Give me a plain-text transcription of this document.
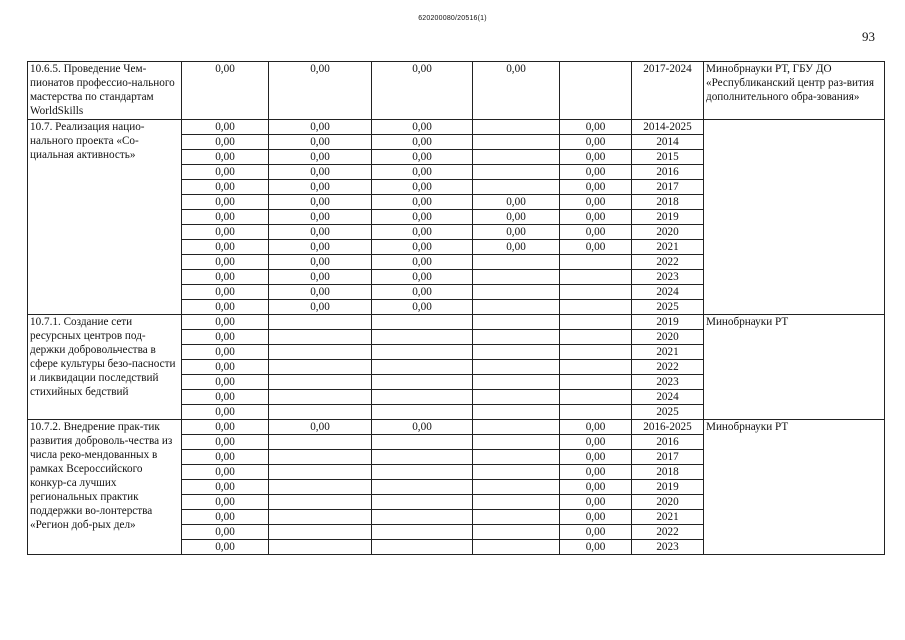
620200080/20516(1)
93
10.6.5. Проведение Чем-пионатов профессио-нального мастерства по стандартам WorldSkills	0,00	0,00	0,00	0,00		2017-2024	Минобрнауки РТ, ГБУ ДО «Республиканский центр раз-вития дополнительного обра-зования»
10.7. Реализация нацио-нального проекта «Со-циальная активность»	0,00	0,00	0,00		0,00	2014-2025	
	0,00	0,00	0,00		0,00	2014	
	0,00	0,00	0,00		0,00	2015	
	0,00	0,00	0,00		0,00	2016	
	0,00	0,00	0,00		0,00	2017	
	0,00	0,00	0,00	0,00	0,00	2018	
	0,00	0,00	0,00	0,00	0,00	2019	
	0,00	0,00	0,00	0,00	0,00	2020	
	0,00	0,00	0,00	0,00	0,00	2021	
	0,00	0,00	0,00			2022	
	0,00	0,00	0,00			2023	
	0,00	0,00	0,00			2024	
	0,00	0,00	0,00			2025	
10.7.1. Создание сети ресурсных центров под-держки добровольчества в сфере культуры безо-пасности и ликвидации последствий стихийных бедствий	0,00					2019	Минобрнауки РТ
	0,00					2020	
	0,00					2021	
	0,00					2022	
	0,00					2023	
	0,00					2024	
	0,00					2025	
10.7.2. Внедрение прак-тик развития доброволь-чества из числа реко-мендованных в рамках Всероссийского конкур-са лучших региональных практик поддержки во-лонтерства «Регион доб-рых дел»	0,00	0,00	0,00		0,00	2016-2025	Минобрнауки РТ
	0,00				0,00	2016	
	0,00				0,00	2017	
	0,00				0,00	2018	
	0,00				0,00	2019	
	0,00				0,00	2020	
	0,00				0,00	2021	
	0,00				0,00	2022	
	0,00				0,00	2023	
